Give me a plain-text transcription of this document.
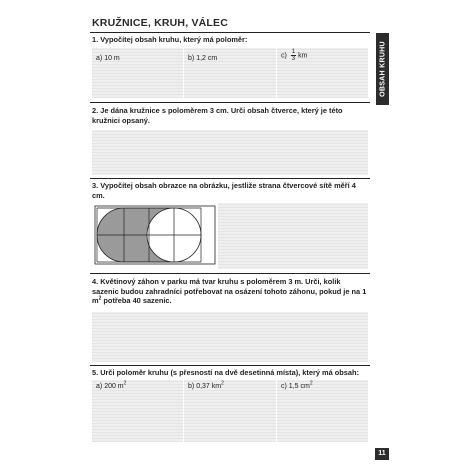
KRUŽNICE, KRUH, VÁLEC
OBSAH KRUHU
1. Vypočítej obsah kruhu, který má poloměr:
a) 10 m	b) 1,2 cm	$c) \frac{1}{3}$ km
2. Je dána kružnice s poloměrem 3 cm. Urči obsah čtverce, který je této kružnici opsaný.
3. Vypočítej obsah obrazce na obrázku, jestliže strana čtvercové sítě měří 4 cm.
4. Květinový záhon v parku má tvar kruhu s poloměrem 3 m. Urči, kolik sazenic budou zahradníci potřebovat na osázení tohoto záhonu, pokud je na 1 $m^2$ potřeba 40 sazenic.
5. Urči poloměr kruhu (s přesností na dvě desetinná místa), který má obsah:
a) 200 $m^2$	b) 0,37 $km^2$	c) 1,5 $cm^2$
11
